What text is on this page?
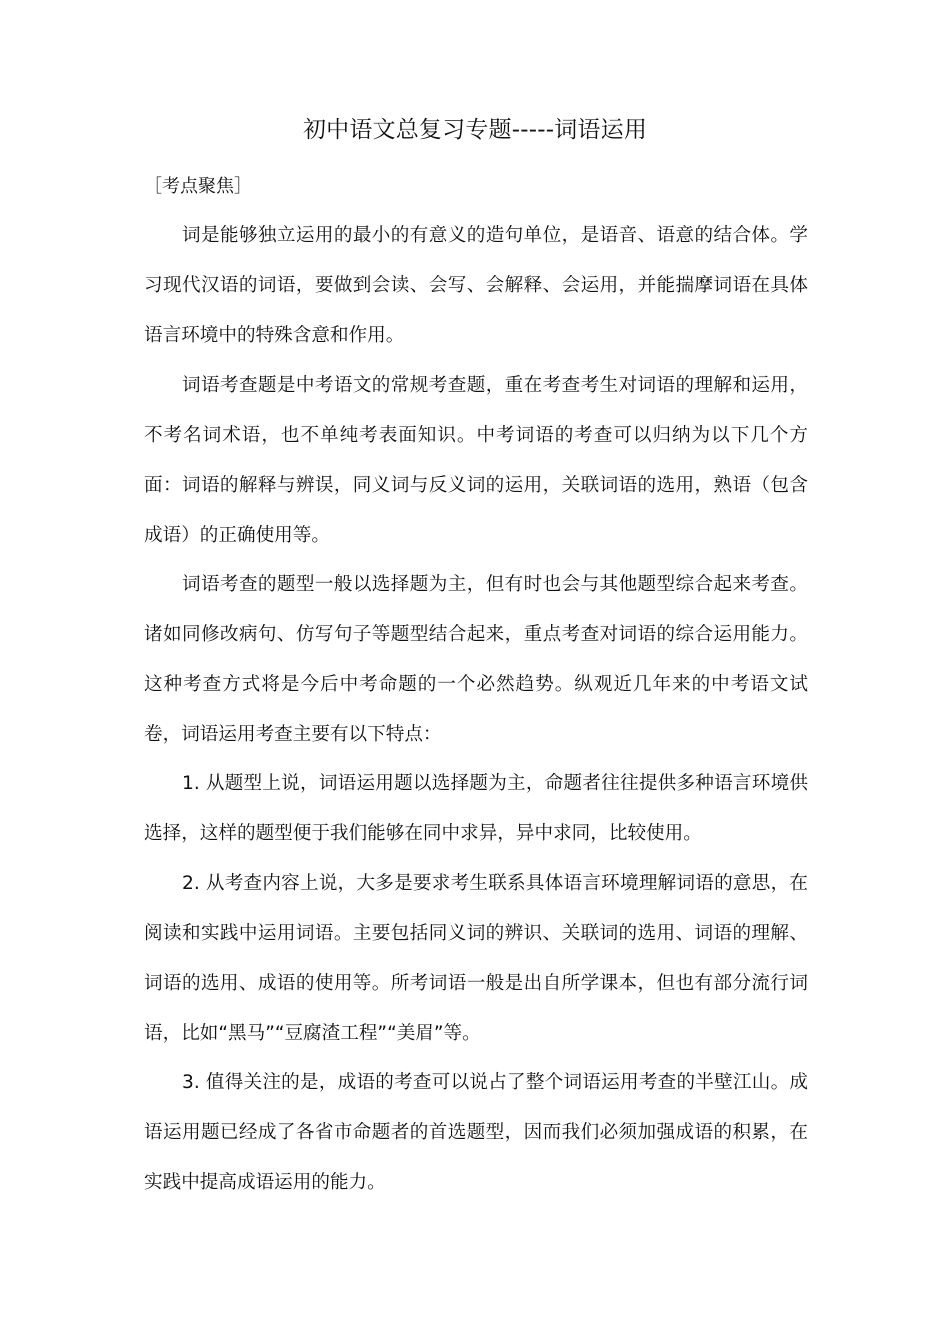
初中语文总复习专题-----词语运用
［考点聚焦］

词是能够独立运用的最小的有意义的造句单位，是语音、语意的结合体。学习现代汉语的词语，要做到会读、会写、会解释、会运用，并能揣摩词语在具体语言环境中的特殊含意和作用。

词语考查题是中考语文的常规考查题，重在考查考生对词语的理解和运用，不考名词术语，也不单纯考表面知识。中考词语的考查可以归纳为以下几个方面：词语的解释与辨误，同义词与反义词的运用，关联词语的选用，熟语（包含成语）的正确使用等。

词语考查的题型一般以选择题为主，但有时也会与其他题型综合起来考查。诸如同修改病句、仿写句子等题型结合起来，重点考查对词语的综合运用能力。这种考查方式将是今后中考命题的一个必然趋势。纵观近几年来的中考语文试卷，词语运用考查主要有以下特点：

1. 从题型上说，词语运用题以选择题为主，命题者往往提供多种语言环境供选择，这样的题型便于我们能够在同中求异，异中求同，比较使用。

2. 从考查内容上说，大多是要求考生联系具体语言环境理解词语的意思，在阅读和实践中运用词语。主要包括同义词的辨识、关联词的选用、词语的理解、词语的选用、成语的使用等。所考词语一般是出自所学课本，但也有部分流行词语，比如“黑马”“豆腐渣工程”“美眉”等。

3. 值得关注的是，成语的考查可以说占了整个词语运用考查的半壁江山。成语运用题已经成了各省市命题者的首选题型，因而我们必须加强成语的积累，在实践中提高成语运用的能力。
